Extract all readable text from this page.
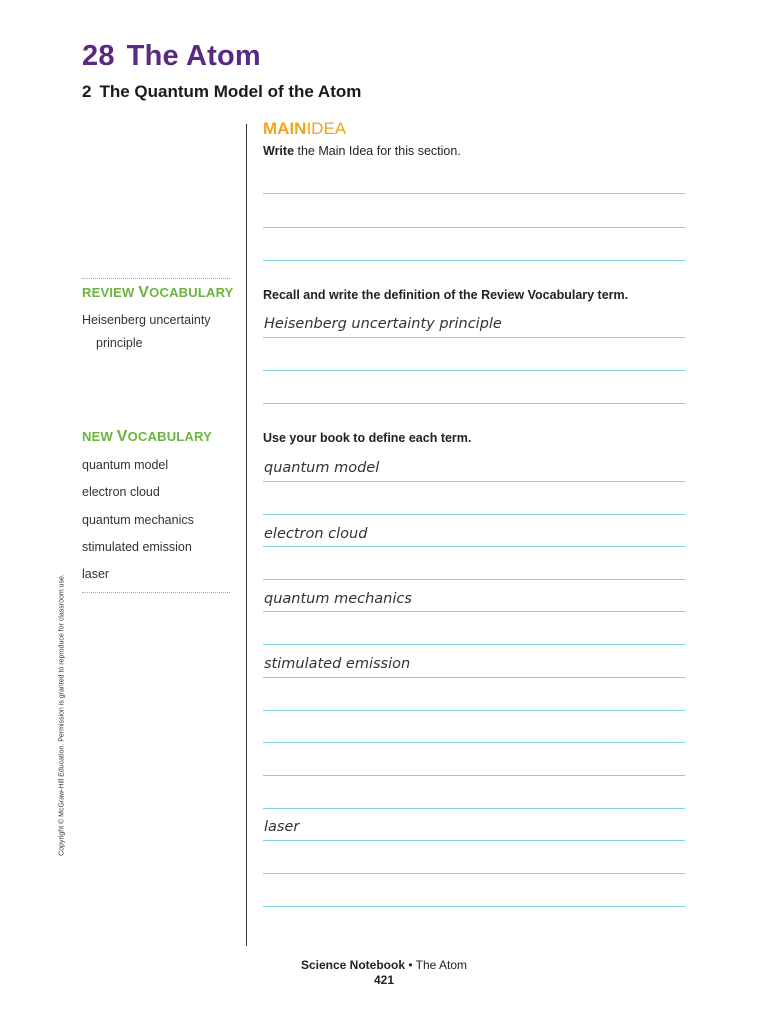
28 The Atom
2 The Quantum Model of the Atom
MAINIDEA
Write the Main Idea for this section.
REVIEW VOCABULARY
Heisenberg uncertainty
principle
Recall and write the definition of the Review Vocabulary term.
Heisenberg uncertainty principle
NEW VOCABULARY
quantum model
electron cloud
quantum mechanics
stimulated emission
laser
Use your book to define each term.
quantum model
electron cloud
quantum mechanics
stimulated emission
laser
Copyright © McGraw-Hill Education. Permission is granted to reproduce for classroom use.
Science Notebook • The Atom
421
